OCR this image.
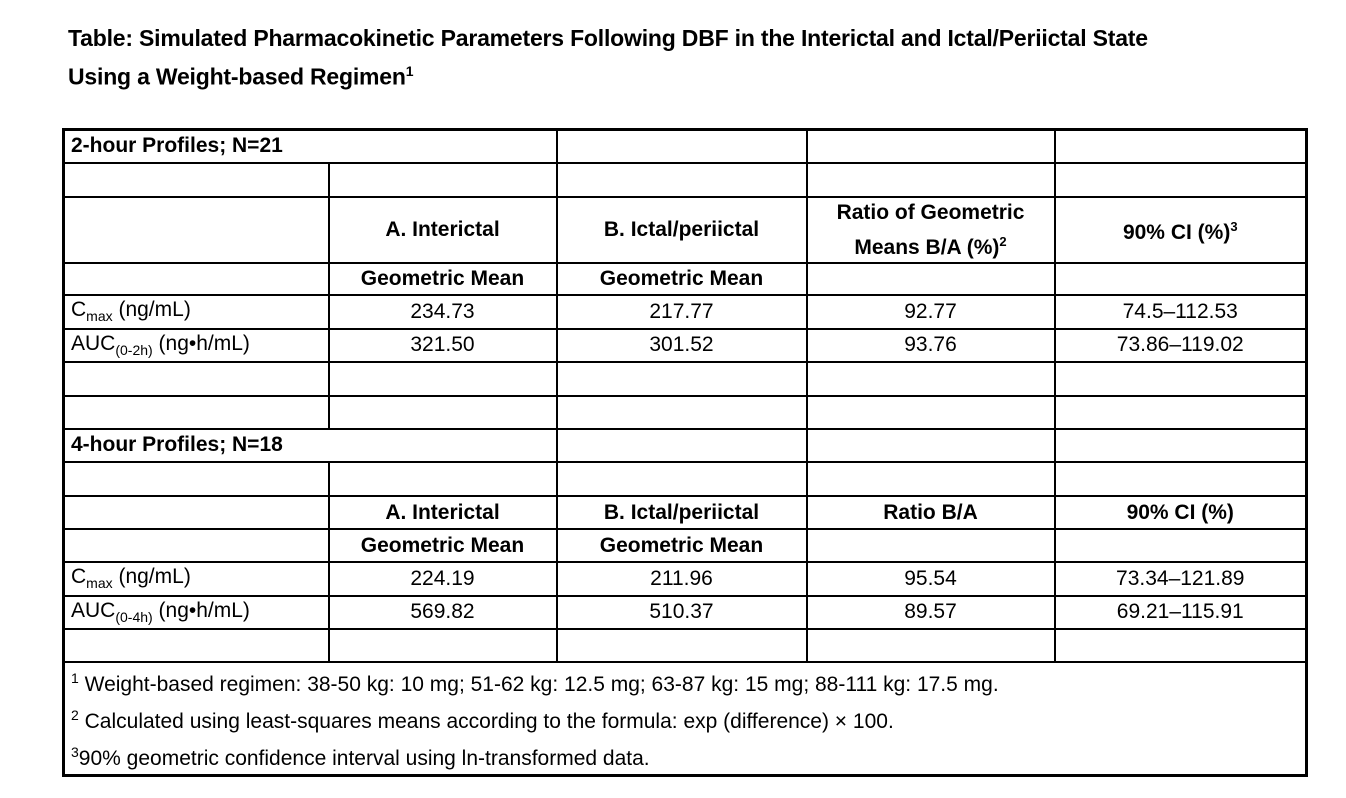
Table: Simulated Pharmacokinetic Parameters Following DBF in the Interictal and Ictal/Periictal State
Using a Weight-based Regimen$^1$
2-hour Profiles; N=21				

	A. Interictal	B. Ictal/periictal	Ratio of Geometric Means B/A (%)$^2$	90% CI (%)$^3$
	Geometric Mean	Geometric Mean		
$C_{max}$ (ng/mL)	234.73	217.77	92.77	74.5–112.53
$AUC_{(0-2h)}$ (ng•h/mL)	321.50	301.52	93.76	73.86–119.02

4-hour Profiles; N=18				

	A. Interictal	B. Ictal/periictal	Ratio B/A	90% CI (%)
	Geometric Mean	Geometric Mean		
$C_{max}$ (ng/mL)	224.19	211.96	95.54	73.34–121.89
$AUC_{(0-4h)}$ (ng•h/mL)	569.82	510.37	89.57	69.21–115.91

$^1$ Weight-based regimen: 38-50 kg: 10 mg; 51-62 kg: 12.5 mg; 63-87 kg: 15 mg; 88-111 kg: 17.5 mg.
$^2$ Calculated using least-squares means according to the formula: exp (difference) × 100.
$^3$90% geometric confidence interval using ln-transformed data.				
